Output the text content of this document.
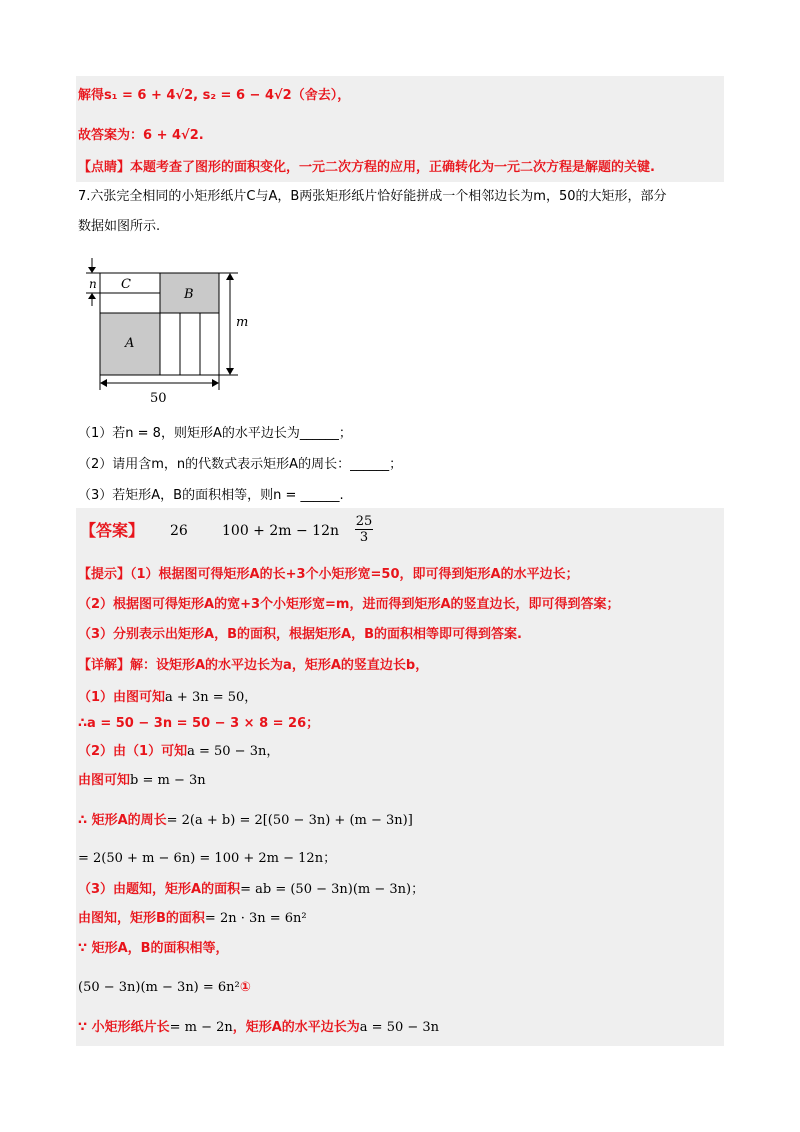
解得s₁ = 6 + 4√2, s₂ = 6 − 4√2（舍去），
故答案为：6 + 4√2.
【点睛】本题考查了图形的面积变化，一元二次方程的应用，正确转化为一元二次方程是解题的关键.
7.六张完全相同的小矩形纸片C与A，B两张矩形纸片恰好能拼成一个相邻边长为m，50的大矩形，部分
数据如图所示.
n C
B
A
m
50
（1）若n = 8，则矩形A的水平边长为______；
（2）请用含m，n的代数式表示矩形A的周长：______；
（3）若矩形A，B的面积相等，则n = ______.
【答案】 26 $100 + 2m - 12n \frac{25}{3}$
【提示】（1）根据图可得矩形A的长+3个小矩形宽=50，即可得到矩形A的水平边长；
（2）根据图可得矩形A的宽+3个小矩形宽=m，进而得到矩形A的竖直边长，即可得到答案；
（3）分别表示出矩形A，B的面积，根据矩形A，B的面积相等即可得到答案.
【详解】解：设矩形A的水平边长为a，矩形A的竖直边长b，
（1）由图可知a + 3n = 50，
∴a = 50 − 3n = 50 − 3 × 8 = 26；
（2）由（1）可知a = 50 − 3n，
由图可知b = m − 3n
∴ 矩形A的周长= 2(a + b) = 2[(50 − 3n) + (m − 3n)]
= 2(50 + m − 6n) = 100 + 2m − 12n；
（3）由题知，矩形A的面积= ab = (50 − 3n)(m − 3n)；
由图知，矩形B的面积= 2n · 3n = 6n²
∵ 矩形A，B的面积相等，
(50 − 3n)(m − 3n) = 6n²①
∵ 小矩形纸片长= m − 2n，矩形A的水平边长为a = 50 − 3n
